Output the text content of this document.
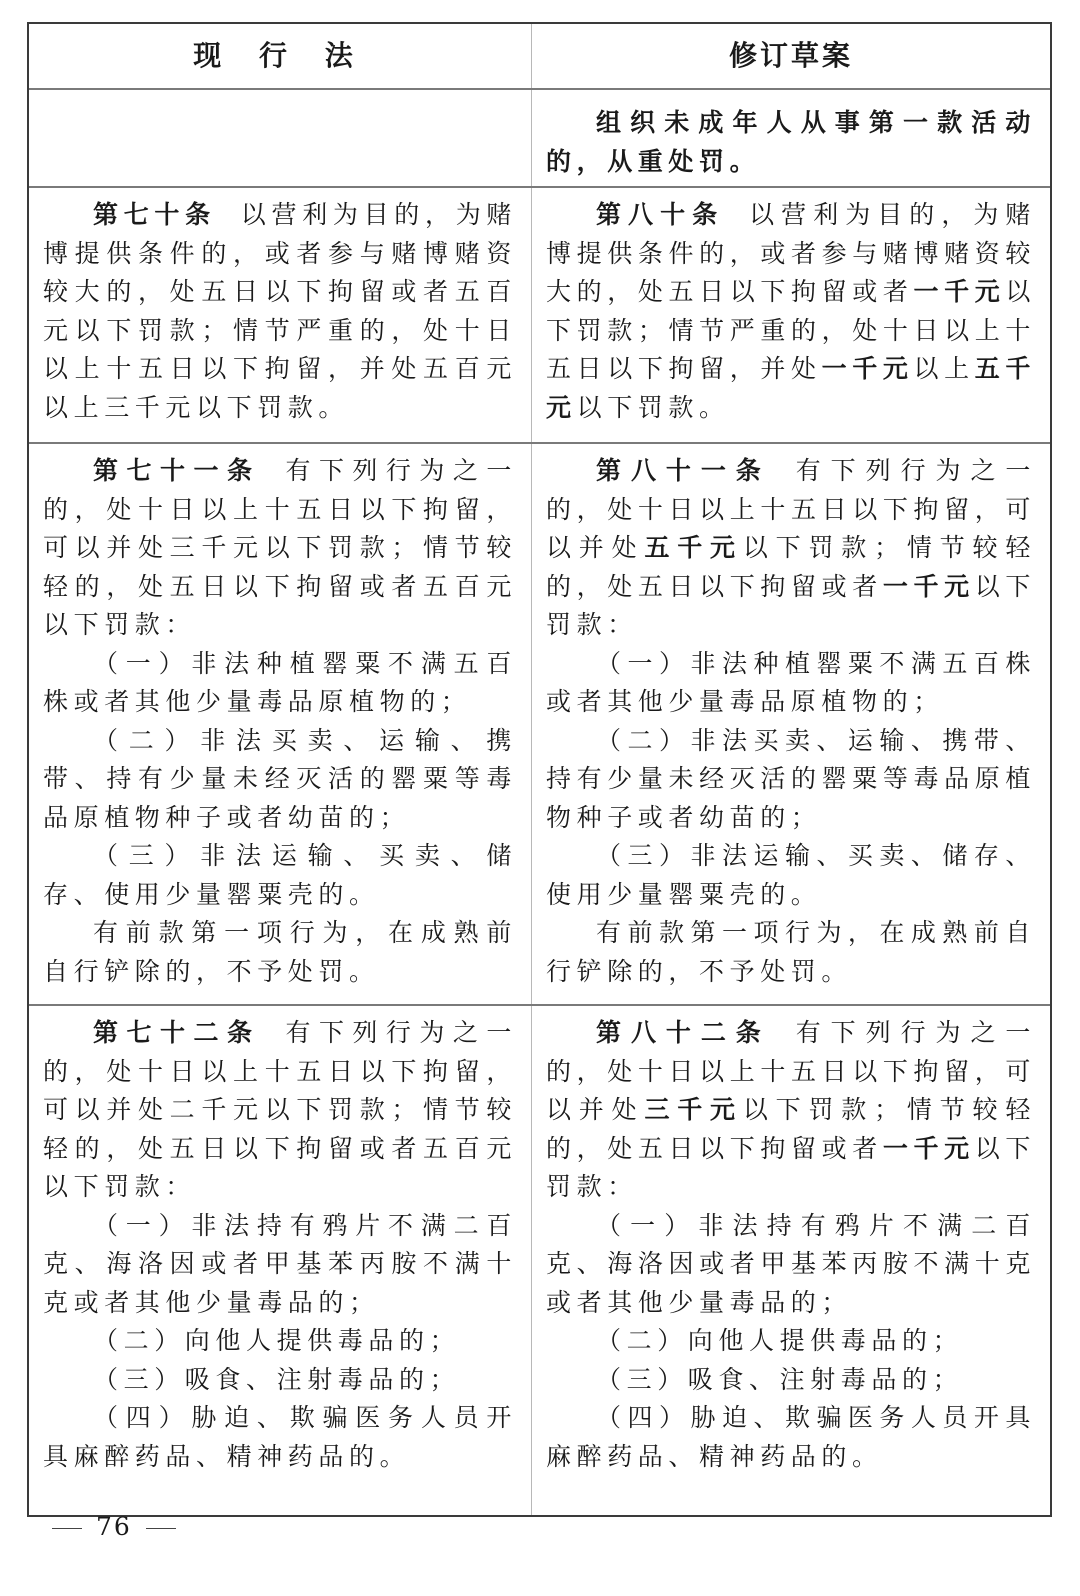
现 行 法	修订草案

组织未成年人从事第一款活动的，从重处罚。

第七十条 以营利为目的，为赌博提供条件的，或者参与赌博赌资较大的，处五日以下拘留或者五百元以下罚款；情节严重的，处十日以上十五日以下拘留，并处五百元以上三千元以下罚款。

第八十条 以营利为目的，为赌博提供条件的，或者参与赌博赌资较大的，处五日以下拘留或者一千元以下罚款；情节严重的，处十日以上十五日以下拘留，并处一千元以上五千元以下罚款。

第七十一条 有下列行为之一的，处十日以上十五日以下拘留，可以并处三千元以下罚款；情节较轻的，处五日以下拘留或者五百元以下罚款：

（一）非法种植罂粟不满五百株或者其他少量毒品原植物的；

（二）非法买卖、运输、携带、持有少量未经灭活的罂粟等毒品原植物种子或者幼苗的；

（三）非法运输、买卖、储存、使用少量罂粟壳的。

有前款第一项行为，在成熟前自行铲除的，不予处罚。

第八十一条 有下列行为之一的，处十日以上十五日以下拘留，可以并处五千元以下罚款；情节较轻的，处五日以下拘留或者一千元以下罚款：

（一）非法种植罂粟不满五百株或者其他少量毒品原植物的；

（二）非法买卖、运输、携带、持有少量未经灭活的罂粟等毒品原植物种子或者幼苗的；

（三）非法运输、买卖、储存、使用少量罂粟壳的。

有前款第一项行为，在成熟前自行铲除的，不予处罚。

第七十二条 有下列行为之一的，处十日以上十五日以下拘留，可以并处二千元以下罚款；情节较轻的，处五日以下拘留或者五百元以下罚款：

（一）非法持有鸦片不满二百克、海洛因或者甲基苯丙胺不满十克或者其他少量毒品的；

（二）向他人提供毒品的；

（三）吸食、注射毒品的；

（四）胁迫、欺骗医务人员开具麻醉药品、精神药品的。

第八十二条 有下列行为之一的，处十日以上十五日以下拘留，可以并处三千元以下罚款；情节较轻的，处五日以下拘留或者一千元以下罚款：

（一）非法持有鸦片不满二百克、海洛因或者甲基苯丙胺不满十克或者其他少量毒品的；

（二）向他人提供毒品的；

（三）吸食、注射毒品的；

（四）胁迫、欺骗医务人员开具麻醉药品、精神药品的。

76
